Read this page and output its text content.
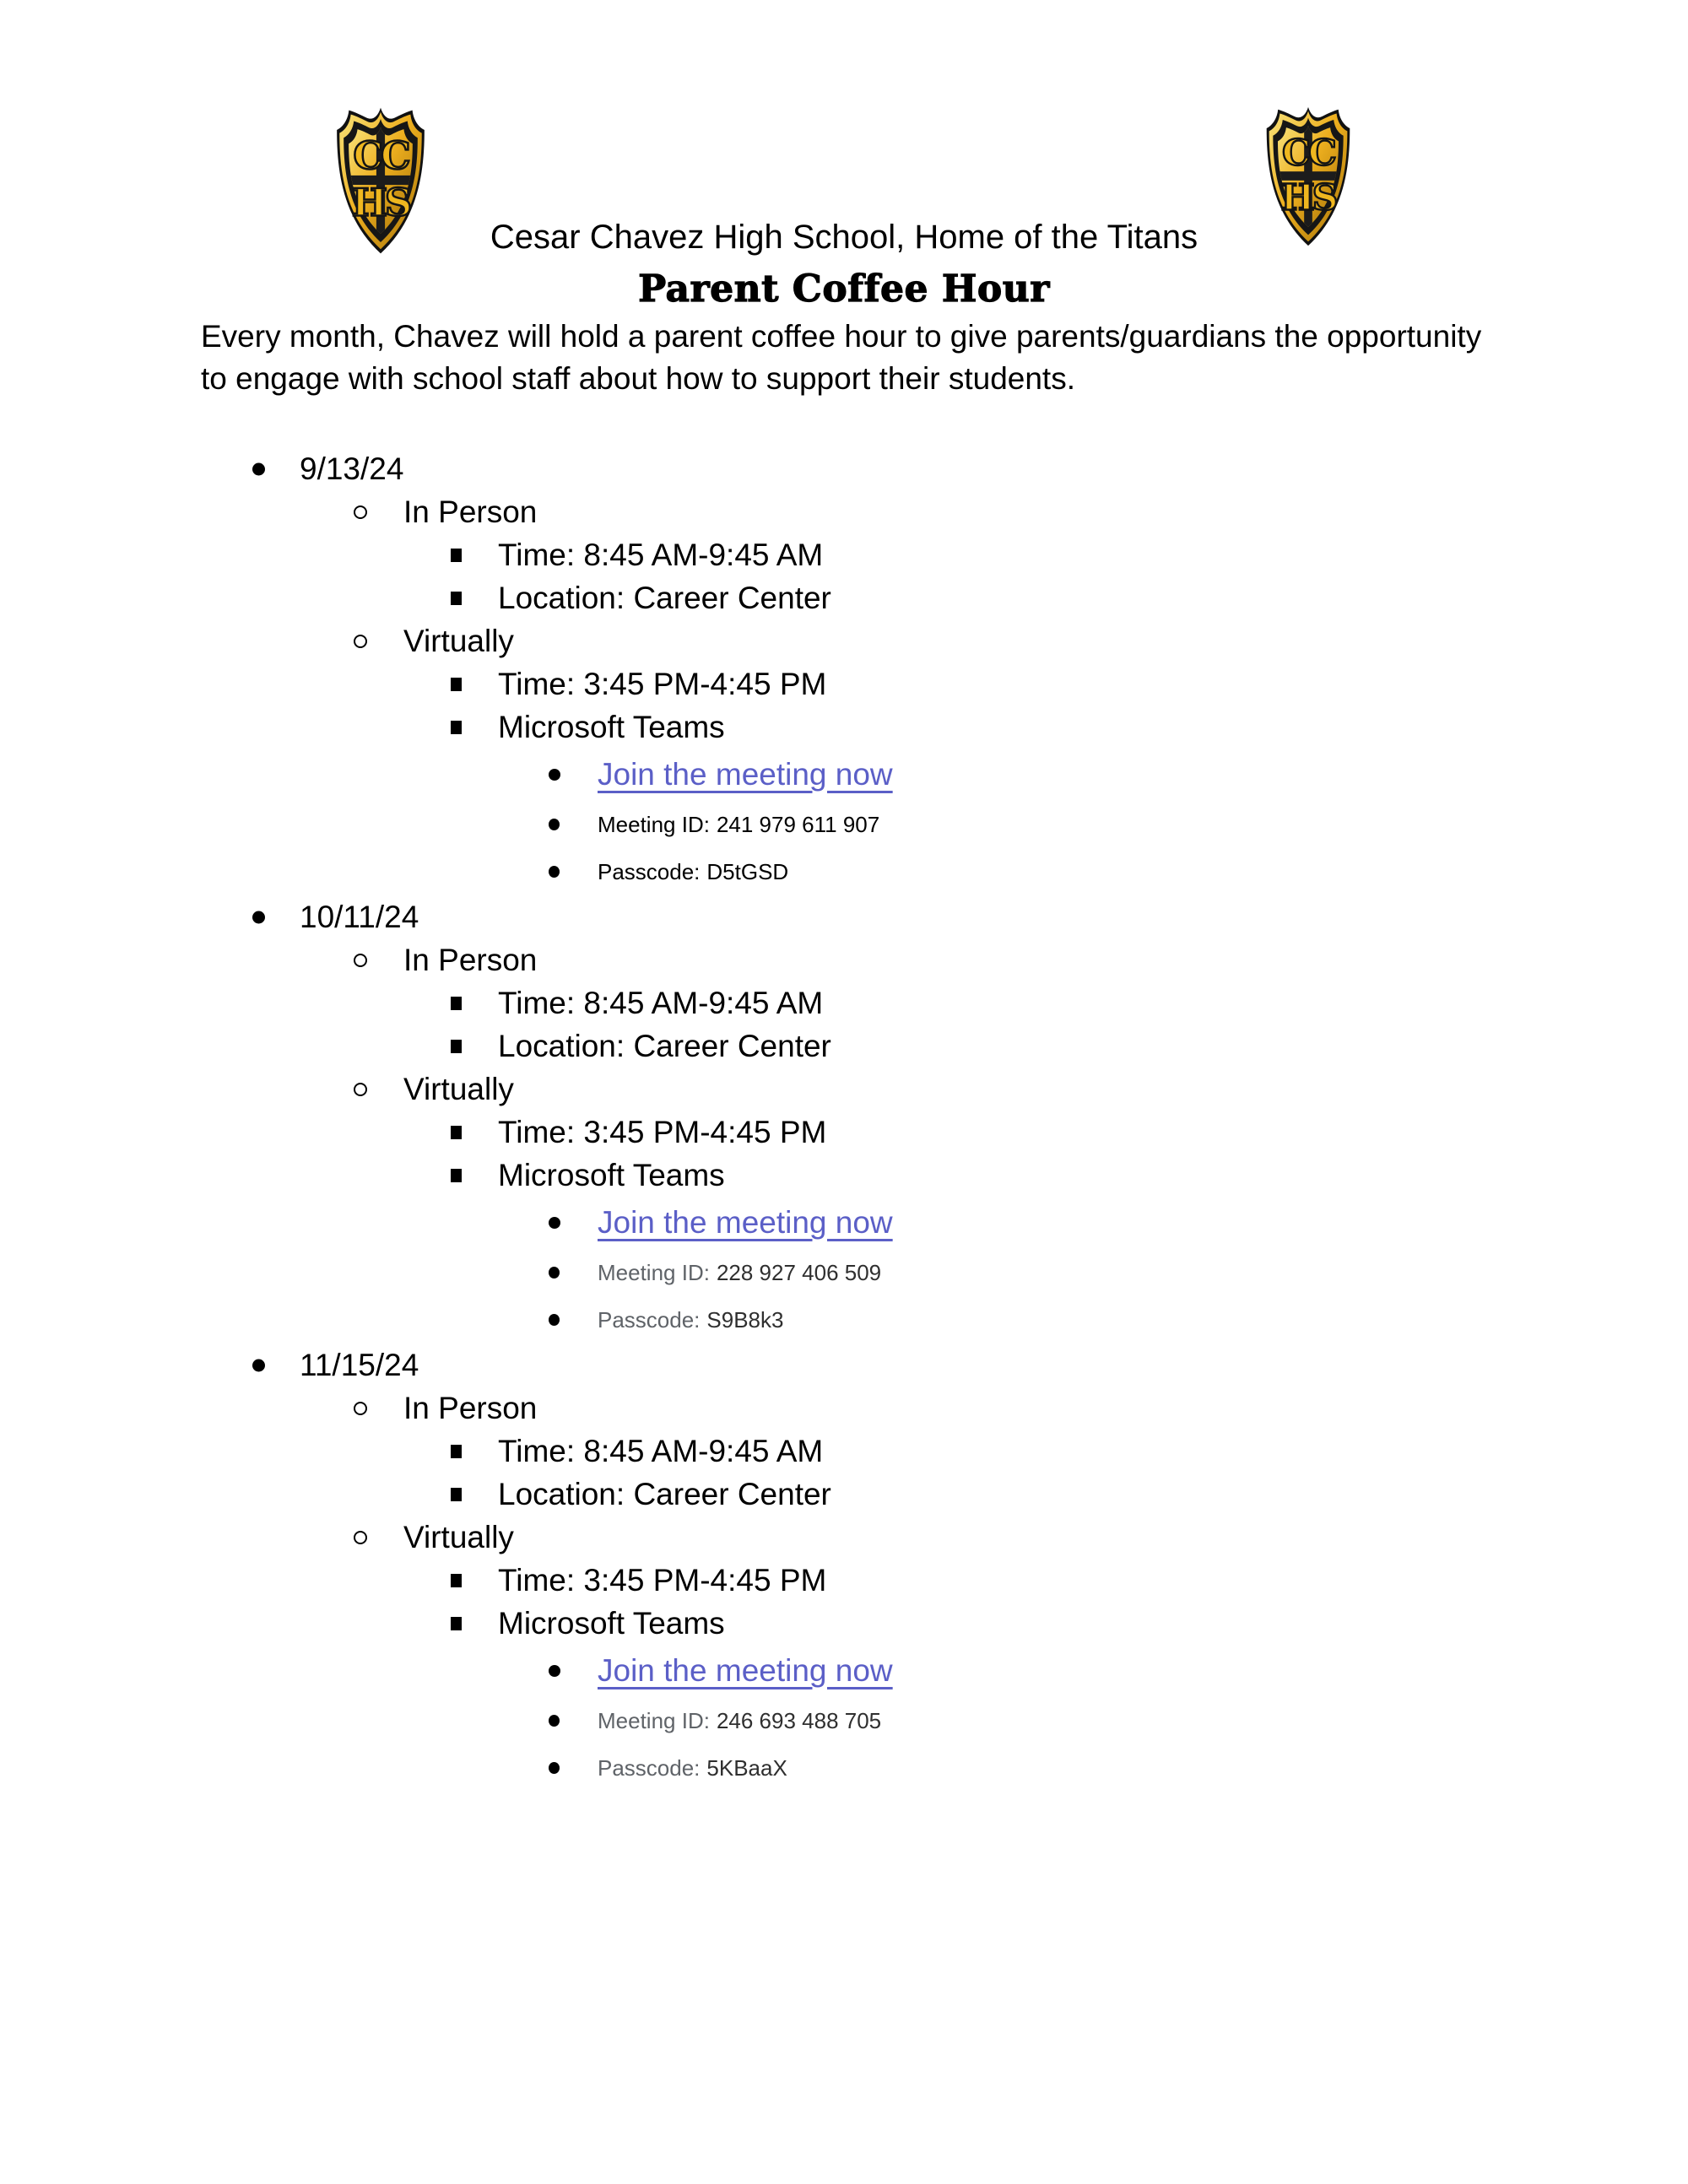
CC
HS
CC
HS
Cesar Chavez High School, Home of the Titans
Parent Coffee Hour
Every month, Chavez will hold a parent coffee hour to give parents/guardians the opportunity to engage with school staff about how to support their students.
9/13/24
In Person
Time: 8:45 AM-9:45 AM
Location: Career Center
Virtually
Time: 3:45 PM-4:45 PM
Microsoft Teams
Join the meeting now
Meeting ID: 241 979 611 907
Passcode: D5tGSD
10/11/24
In Person
Time: 8:45 AM-9:45 AM
Location: Career Center
Virtually
Time: 3:45 PM-4:45 PM
Microsoft Teams
Join the meeting now
Meeting ID: 228 927 406 509
Passcode: S9B8k3
11/15/24
In Person
Time: 8:45 AM-9:45 AM
Location: Career Center
Virtually
Time: 3:45 PM-4:45 PM
Microsoft Teams
Join the meeting now
Meeting ID: 246 693 488 705
Passcode: 5KBaaX
